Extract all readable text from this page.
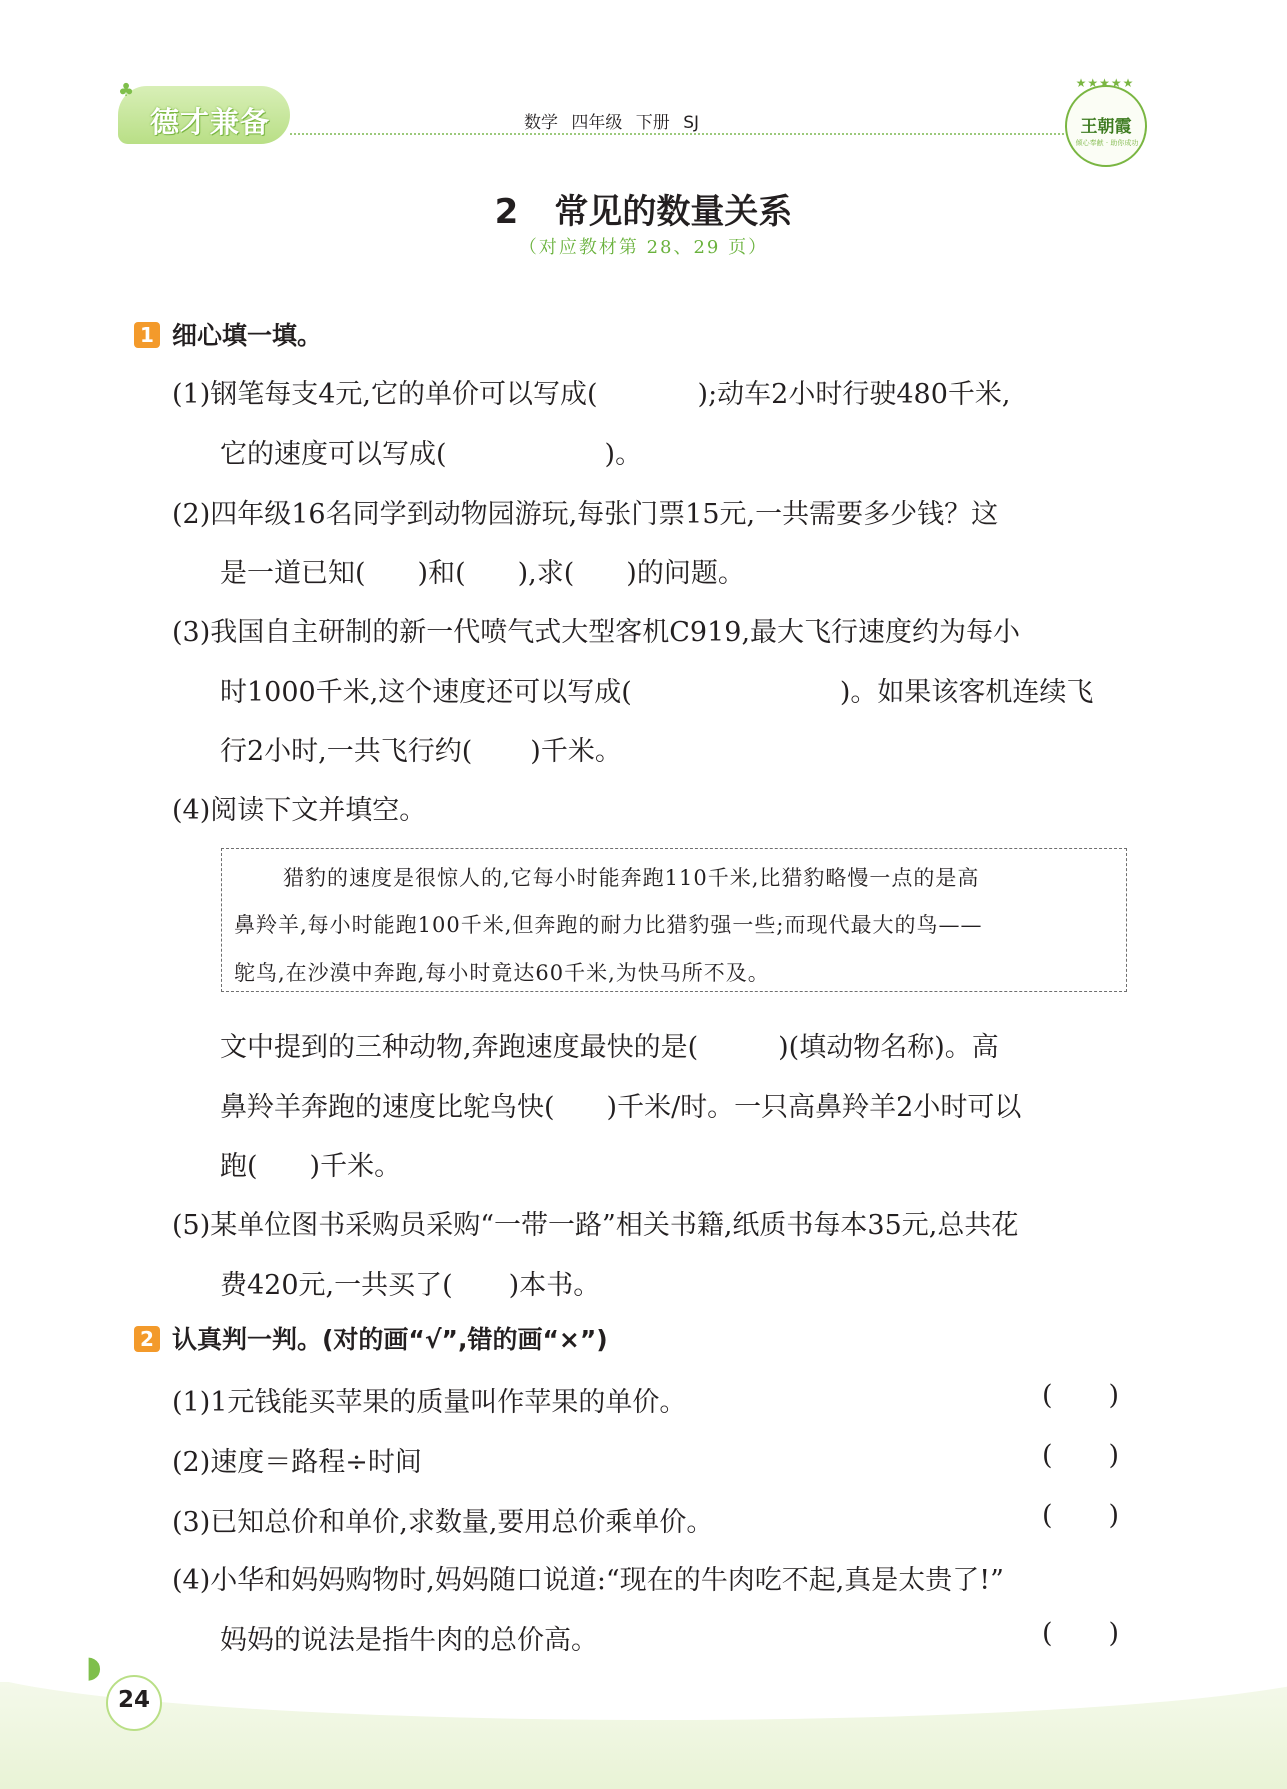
♣
德才兼备	数学 四年级 下册 SJ
★★★★★
王朝霞
倾心奉献 · 助你成功
2 常见的数量关系
（对应教材第 28、29 页）
1 细心填一填。
(1)钢笔每支4元,它的单价可以写成(	);动车2小时行驶480千米,
它的速度可以写成(	)。
(2)四年级16名同学到动物园游玩,每张门票15元,一共需要多少钱？这
是一道已知( )和( ),求( )的问题。
(3)我国自主研制的新一代喷气式大型客机C919,最大飞行速度约为每小
时1000千米,这个速度还可以写成(	)。如果该客机连续飞
行2小时,一共飞行约( )千米。
(4)阅读下文并填空。
猎豹的速度是很惊人的,它每小时能奔跑110千米,比猎豹略慢一点的是高
鼻羚羊,每小时能跑100千米,但奔跑的耐力比猎豹强一些;而现代最大的鸟——
鸵鸟,在沙漠中奔跑,每小时竟达60千米,为快马所不及。
文中提到的三种动物,奔跑速度最快的是(	)(填动物名称)。高
鼻羚羊奔跑的速度比鸵鸟快( )千米/时。一只高鼻羚羊2小时可以
跑( )千米。
(5)某单位图书采购员采购“一带一路”相关书籍,纸质书每本35元,总共花
费420元,一共买了( )本书。
2 认真判一判。(对的画“√”,错的画“×”)
(1)1元钱能买苹果的质量叫作苹果的单价。	( )
(2)速度＝路程÷时间	( )
(3)已知总价和单价,求数量,要用总价乘单价。	( )
(4)小华和妈妈购物时,妈妈随口说道:“现在的牛肉吃不起,真是太贵了!”
妈妈的说法是指牛肉的总价高。	( )
◗
24
